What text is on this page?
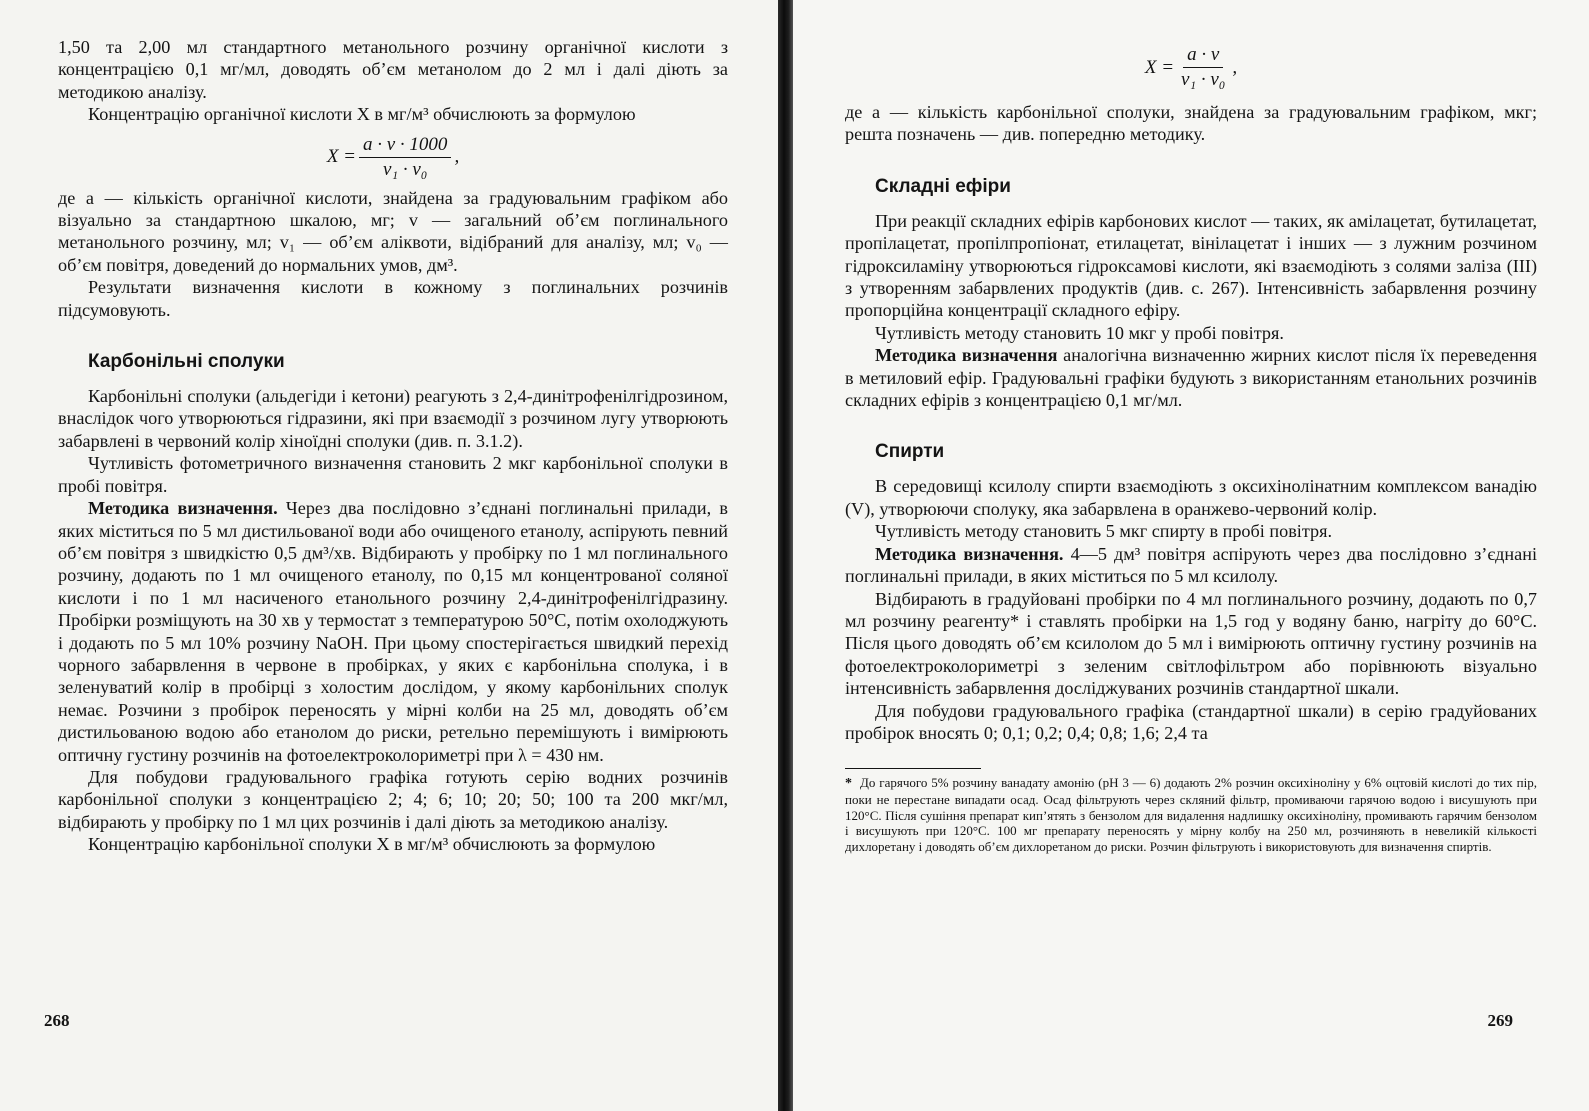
1,50 та 2,00 мл стандартного метанольного розчину органічної кислоти з концентрацією 0,1 мг/мл, доводять об’єм метанолом до 2 мл і далі діють за методикою аналізу.

Концентрацію органічної кислоти X в мг/м³ обчислюють за формулою

$X = \frac{a \cdot v \cdot 1000}{\text{v₁ · v₀}}$ ,

де a — кількість органічної кислоти, знайдена за градуювальним графіком або візуально за стандартною шкалою, мг; v — загальний об’єм поглинального метанольного розчину, мл; v₁ — об’єм аліквоти, відібраний для аналізу, мл; v₀ — об’єм повітря, доведений до нормальних умов, дм³.

Результати визначення кислоти в кожному з поглинальних розчинів підсумовують.

Карбонільні сполуки

Карбонільні сполуки (альдегіди і кетони) реагують з 2,4-динітрофенілгідрозином, внаслідок чого утворюються гідразини, які при взаємодії з розчином лугу утворюють забарвлені в червоний колір хіноїдні сполуки (див. п. 3.1.2).

Чутливість фотометричного визначення становить 2 мкг карбонільної сполуки в пробі повітря.

Методика визначення. Через два послідовно з’єднані поглинальні прилади, в яких міститься по 5 мл дистильованої води або очищеного етанолу, аспірують певний об’єм повітря з швидкістю 0,5 дм³/хв. Відбирають у пробірку по 1 мл поглинального розчину, додають по 1 мл очищеного етанолу, по 0,15 мл концентрованої соляної кислоти і по 1 мл насиченого етанольного розчину 2,4-динітрофенілгідразину. Пробірки розміщують на 30 хв у термостат з температурою 50°C, потім охолоджують і додають по 5 мл 10% розчину NaOH. При цьому спостерігається швидкий перехід чорного забарвлення в червоне в пробірках, у яких є карбонільна сполука, і в зеленуватий колір в пробірці з холостим дослідом, у якому карбонільних сполук немає. Розчини з пробірок переносять у мірні колби на 25 мл, доводять об’єм дистильованою водою або етанолом до риски, ретельно перемішують і вимірюють оптичну густину розчинів на фотоелектроколориметрі при λ = 430 нм.

Для побудови градуювального графіка готують серію водних розчинів карбонільної сполуки з концентрацією 2; 4; 6; 10; 20; 50; 100 та 200 мкг/мл, відбирають у пробірку по 1 мл цих розчинів і далі діють за методикою аналізу.

Концентрацію карбонільної сполуки X в мг/м³ обчислюють за формулою

268
$X = \frac{a \cdot v}{\text{v₁ · v₀}}$ ,

де a — кількість карбонільної сполуки, знайдена за градуювальним графіком, мкг; решта позначень — див. попередню методику.

Складні ефіри

При реакції складних ефірів карбонових кислот — таких, як амілацетат, бутилацетат, пропілацетат, пропілпропіонат, етилацетат, вінілацетат і інших — з лужним розчином гідроксиламіну утворюються гідроксамові кислоти, які взаємодіють з солями заліза (III) з утворенням забарвлених продуктів (див. с. 267). Інтенсивність забарвлення розчину пропорційна концентрації складного ефіру.

Чутливість методу становить 10 мкг у пробі повітря.

Методика визначення аналогічна визначенню жирних кислот після їх переведення в метиловий ефір. Градуювальні графіки будують з використанням етанольних розчинів складних ефірів з концентрацією 0,1 мг/мл.

Спирти

В середовищі ксилолу спирти взаємодіють з оксихінолінатним комплексом ванадію (V), утворюючи сполуку, яка забарвлена в оранжево-червоний колір.

Чутливість методу становить 5 мкг спирту в пробі повітря.

Методика визначення. 4—5 дм³ повітря аспірують через два послідовно з’єднані поглинальні прилади, в яких міститься по 5 мл ксилолу.

Відбирають в градуйовані пробірки по 4 мл поглинального розчину, додають по 0,7 мл розчину реагенту* і ставлять пробірки на 1,5 год у водяну баню, нагріту до 60°C. Після цього доводять об’єм ксилолом до 5 мл і вимірюють оптичну густину розчинів на фотоелектроколориметрі з зеленим світлофільтром або порівнюють візуально інтенсивність забарвлення досліджуваних розчинів стандартної шкали.

Для побудови градуювального графіка (стандартної шкали) в серію градуйованих пробірок вносять 0; 0,1; 0,2; 0,4; 0,8; 1,6; 2,4 та

* До гарячого 5% розчину ванадату амонію (pH 3 — 6) додають 2% розчин оксихіноліну у 6% оцтовій кислоті до тих пір, поки не перестане випадати осад. Осад фільтрують через скляний фільтр, промиваючи гарячою водою і висушують при 120°C. Після сушіння препарат кип’ятять з бензолом для видалення надлишку оксихіноліну, промивають гарячим бензолом і висушують при 120°C. 100 мг препарату переносять у мірну колбу на 250 мл, розчиняють в невеликій кількості дихлоретану і доводять об’єм дихлоретаном до риски. Розчин фільтрують і використовують для визначення спиртів.

269
